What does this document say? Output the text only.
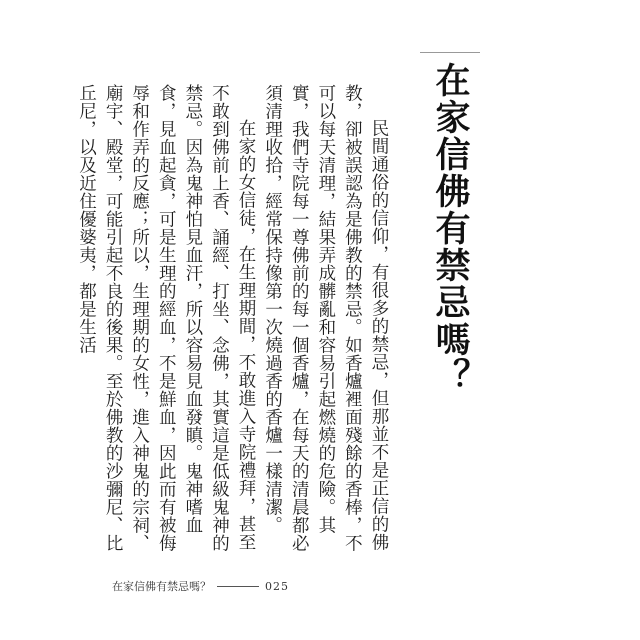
在家信佛有禁忌嗎？

民間通俗的信仰，有很多的禁忌，但那並不是正信的佛教，卻被誤認為是佛教的禁忌。如香爐裡面殘餘的香棒，不可以每天清理，結果弄成髒亂和容易引起燃燒的危險。其實，我們寺院每一尊佛前的每一個香爐，在每天的清晨都必須清理收拾，經常保持像第一次燒過香的香爐一樣清潔。

在家的女信徒，在生理期間，不敢進入寺院禮拜，甚至不敢到佛前上香、誦經、打坐、念佛，其實這是低級鬼神的禁忌。因為鬼神怕見血汗，所以容易見血發瞋。鬼神嗜血食，見血起貪，可是生理的經血，不是鮮血，因此而有被侮辱和作弄的反應；所以，生理期的女性，進入神鬼的宗祠、廟宇、殿堂，可能引起不良的後果。至於佛教的沙彌尼、比丘尼，以及近住優婆夷，都是生活

在家信佛有禁忌嗎？	025
